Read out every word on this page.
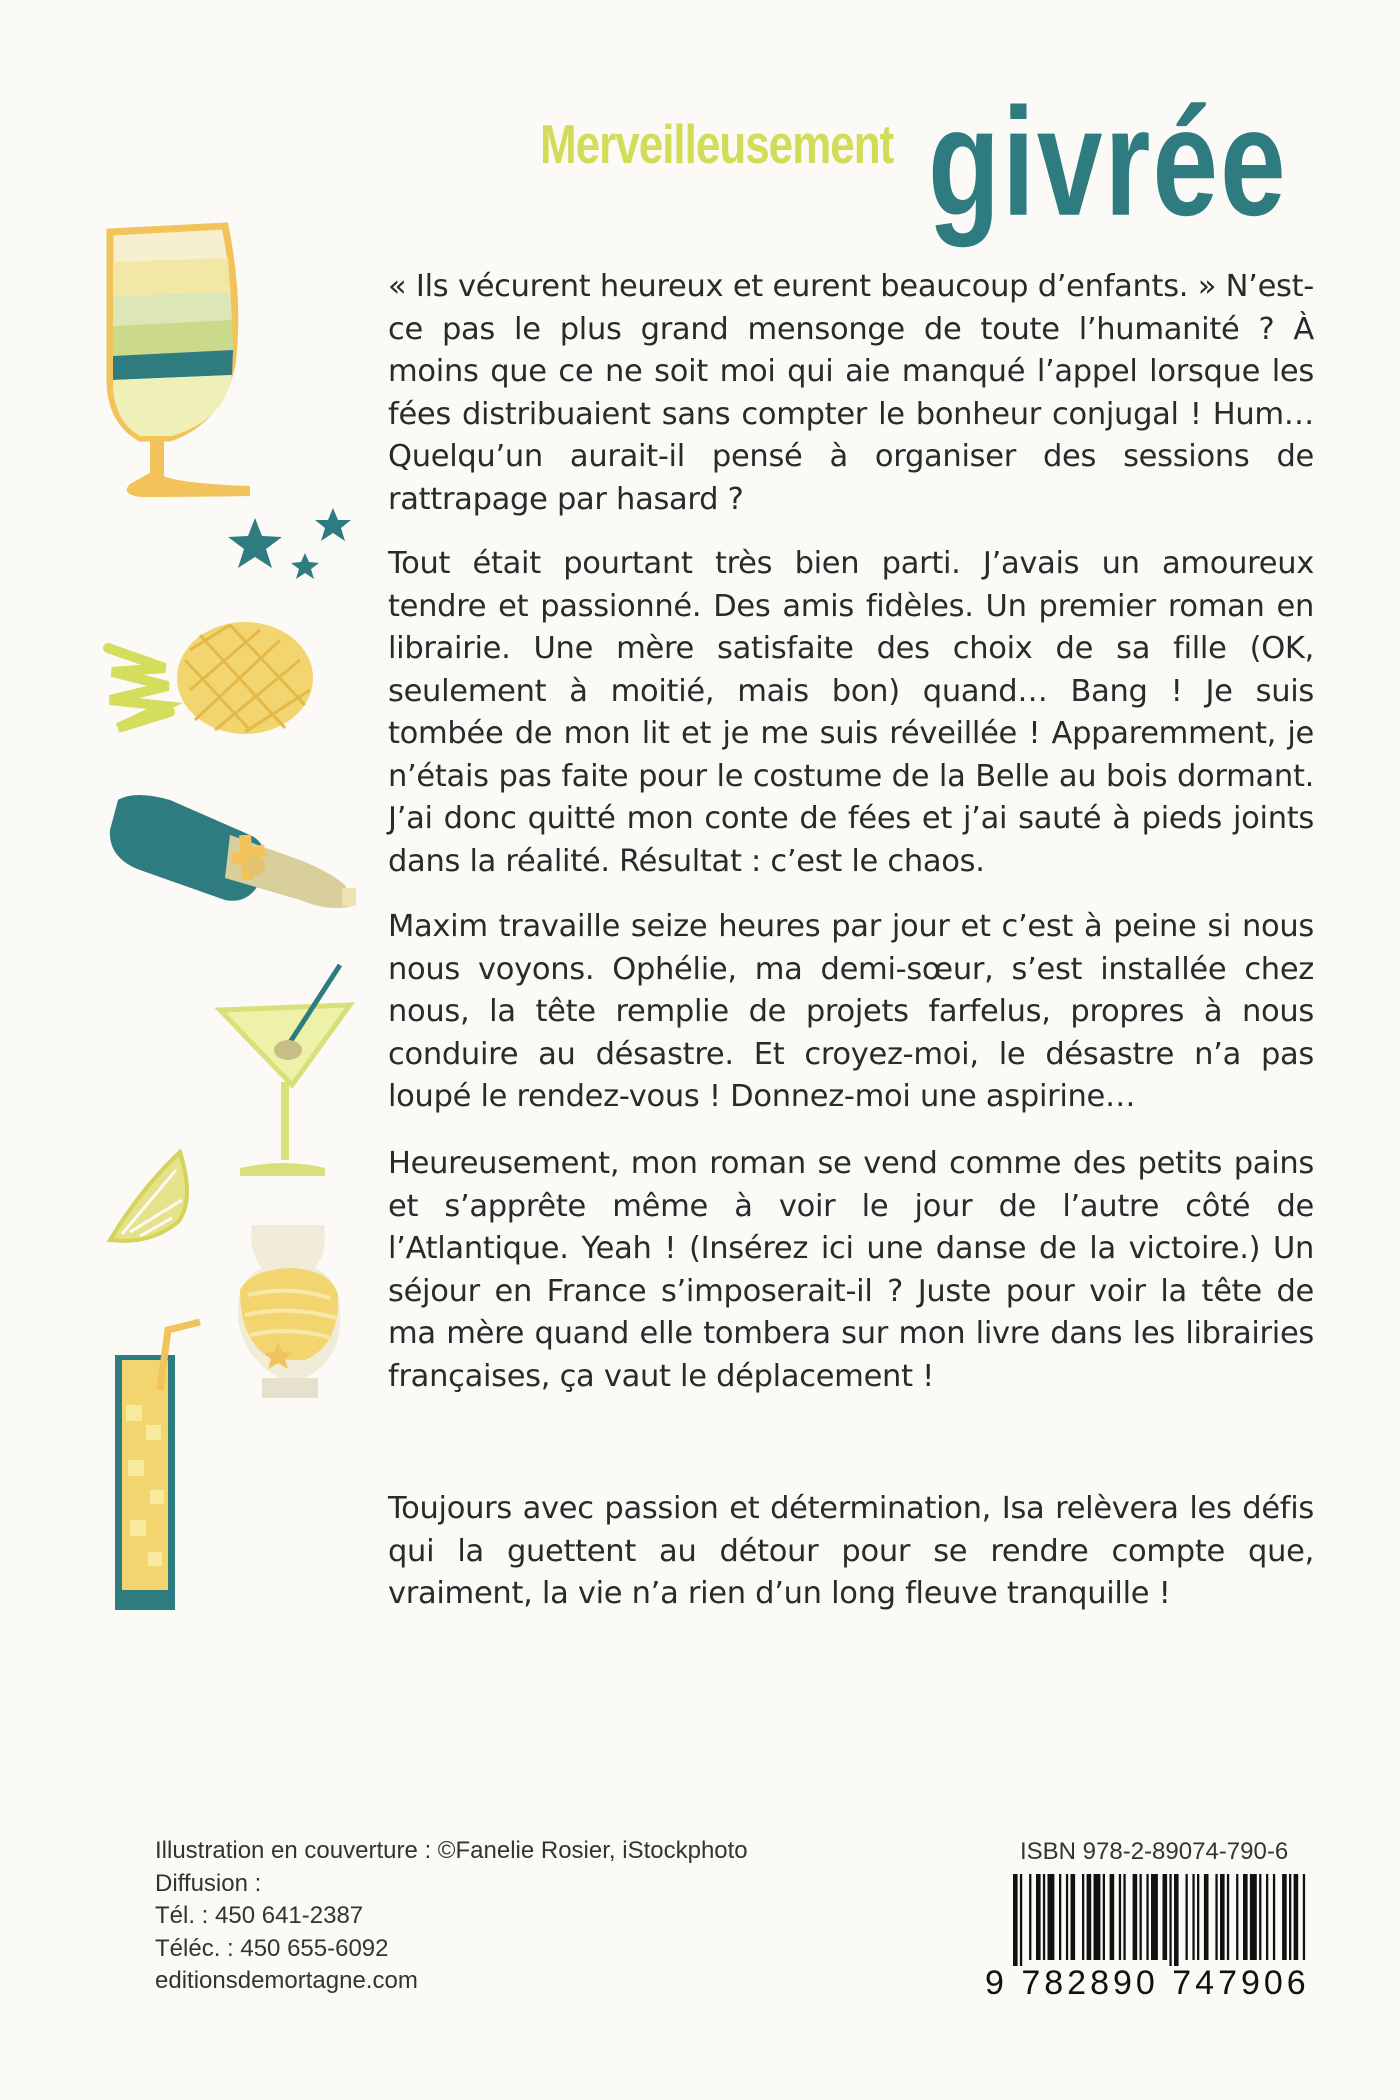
Merveilleusement givrée

« Ils vécurent heureux et eurent beaucoup d’enfants. » N’est-ce pas le plus grand mensonge de toute l’humanité ? À moins que ce ne soit moi qui aie manqué l’appel lorsque les fées distribuaient sans compter le bonheur conjugal ! Hum… Quelqu’un aurait-il pensé à organiser des sessions de rattrapage par hasard ?

Tout était pourtant très bien parti. J’avais un amoureux tendre et passionné. Des amis fidèles. Un premier roman en librairie. Une mère satisfaite des choix de sa fille (OK, seulement à moitié, mais bon) quand… Bang ! Je suis tombée de mon lit et je me suis réveillée ! Apparemment, je n’étais pas faite pour le costume de la Belle au bois dormant. J’ai donc quitté mon conte de fées et j’ai sauté à pieds joints dans la réalité. Résultat : c’est le chaos.

Maxim travaille seize heures par jour et c’est à peine si nous nous voyons. Ophélie, ma demi-sœur, s’est installée chez nous, la tête remplie de projets farfelus, propres à nous conduire au désastre. Et croyez-moi, le désastre n’a pas loupé le rendez-vous ! Donnez-moi une aspirine…

Heureusement, mon roman se vend comme des petits pains et s’apprête même à voir le jour de l’autre côté de l’Atlantique. Yeah ! (Insérez ici une danse de la victoire.) Un séjour en France s’imposerait-il ? Juste pour voir la tête de ma mère quand elle tombera sur mon livre dans les librairies françaises, ça vaut le déplacement !

Toujours avec passion et détermination, Isa relèvera les défis qui la guettent au détour pour se rendre compte que, vraiment, la vie n’a rien d’un long fleuve tranquille !

Illustration en couverture : ©Fanelie Rosier, iStockphoto
Diffusion :
Tél. : 450 641-2387
Téléc. : 450 655-6092
editionsdemortagne.com
ISBN 978-2-89074-790-6
9 782890 747906
